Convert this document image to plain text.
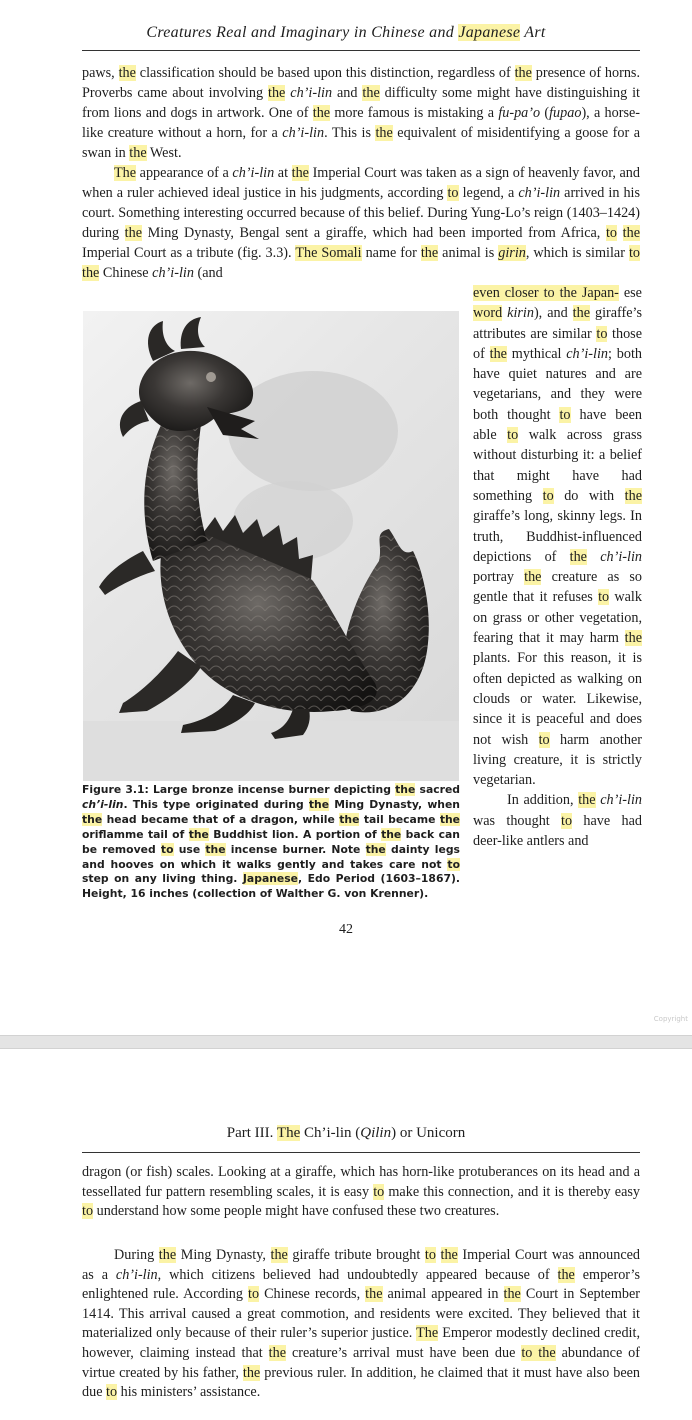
Creatures Real and Imaginary in Chinese and Japanese Art
paws, the classification should be based upon this distinction, regardless of the presence of horns. Proverbs came about involving the ch’i-lin and the difficulty some might have distinguishing it from lions and dogs in artwork. One of the more famous is mistaking a fu-pa’o (fupao), a horse-like creature without a horn, for a ch’i-lin. This is the equivalent of misidentifying a goose for a swan in the West.
The appearance of a ch’i-lin at the Imperial Court was taken as a sign of heavenly favor, and when a ruler achieved ideal justice in his judgments, according to legend, a ch’i-lin arrived in his court. Something interesting occurred because of this belief. During Yung-Lo’s reign (1403–1424) during the Ming Dynasty, Bengal sent a giraffe, which had been imported from Africa, to the Imperial Court as a tribute (fig. 3.3). The Somali name for the animal is girin, which is similar to the Chinese ch’i-lin (and
even closer to the Japan- ese word kirin), and the giraffe’s attributes are similar to those of the mythical ch’i-lin; both have quiet natures and are vegetarians, and they were both thought to have been able to walk across grass without disturbing it: a belief that might have had something to do with the giraffe’s long, skinny legs. In truth, Buddhist-influenced depictions of the ch’i-lin portray the creature as so gentle that it refuses to walk on grass or other vegetation, fearing that it may harm the plants. For this reason, it is often depicted as walking on clouds or water. Likewise, since it is peaceful and does not wish to harm another living creature, it is strictly vegetarian.
In addition, the ch’i-lin was thought to have had deer-like antlers and
Figure 3.1: Large bronze incense burner depicting the sacred ch’i-lin. This type originated during the Ming Dynasty, when the head became that of a dragon, while the tail became the oriflamme tail of the Buddhist lion. A portion of the back can be removed to use the incense burner. Note the dainty legs and hooves on which it walks gently and takes care not to step on any living thing. Japanese, Edo Period (1603–1867). Height, 16 inches (collection of Walther G. von Krenner).
42
Copyright
Part III. The Ch’i-lin (Qilin) or Unicorn
dragon (or fish) scales. Looking at a giraffe, which has horn-like protuberances on its head and a tessellated fur pattern resembling scales, it is easy to make this connection, and it is thereby easy to understand how some people might have confused these two creatures.
During the Ming Dynasty, the giraffe tribute brought to the Imperial Court was announced as a ch’i-lin, which citizens believed had undoubtedly appeared because of the emperor’s enlightened rule. According to Chinese records, the animal appeared in the Court in September 1414. This arrival caused a great commotion, and residents were excited. They believed that it materialized only because of their ruler’s superior justice. The Emperor modestly declined credit, however, claiming instead that the creature’s arrival must have been due to the abundance of virtue created by his father, the previous ruler. In addition, he claimed that it must have also been due to his ministers’ assistance.
